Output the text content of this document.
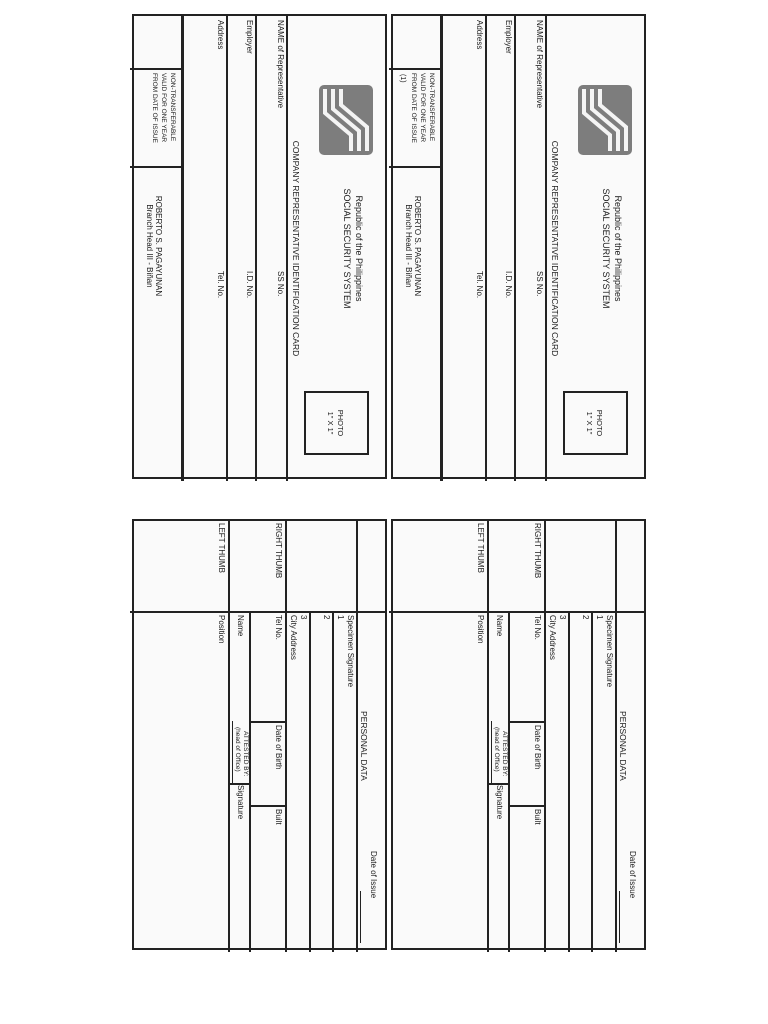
Republic of the Philippines
SOCIAL SECURITY SYSTEM
PHOTO
1" X 1"
COMPANY REPRESENTATIVE IDENTIFICATION CARD
NAME of Representative
SS No.
Employer
I.D. No.
Address
Tel. No.
NON-TRANSFERABLE
VALID FOR ONE YEAR
FROM DATE OF ISSUE
(1)
ROBERTO S. PAGAYUNAN
Branch Head III - Biñan
Republic of the Philippines
SOCIAL SECURITY SYSTEM
PHOTO
1" X 1"
COMPANY REPRESENTATIVE IDENTIFICATION CARD
NAME of Representative
SS No.
Employer
I.D. No.
Address
Tel. No.
NON-TRANSFERABLE
VALID FOR ONE YEAR
FROM DATE OF ISSUE
ROBERTO S. PAGAYUNAN
Branch Head III - Biñan
Date of Issue
PERSONAL DATA
Specimen Signature
1
2
3
City Address
RIGHT THUMB
Tel No.
Date of Birth
Built
ATTESTED BY:
Name
(head of Office)
Signature
LEFT THUMB
Position
Date of Issue
PERSONAL DATA
Specimen Signature
1
2
3
City Address
RIGHT THUMB
Tel No.
Date of Birth
Built
ATTESTED BY:
Name
(head of Office)
Signature
LEFT THUMB
Position
